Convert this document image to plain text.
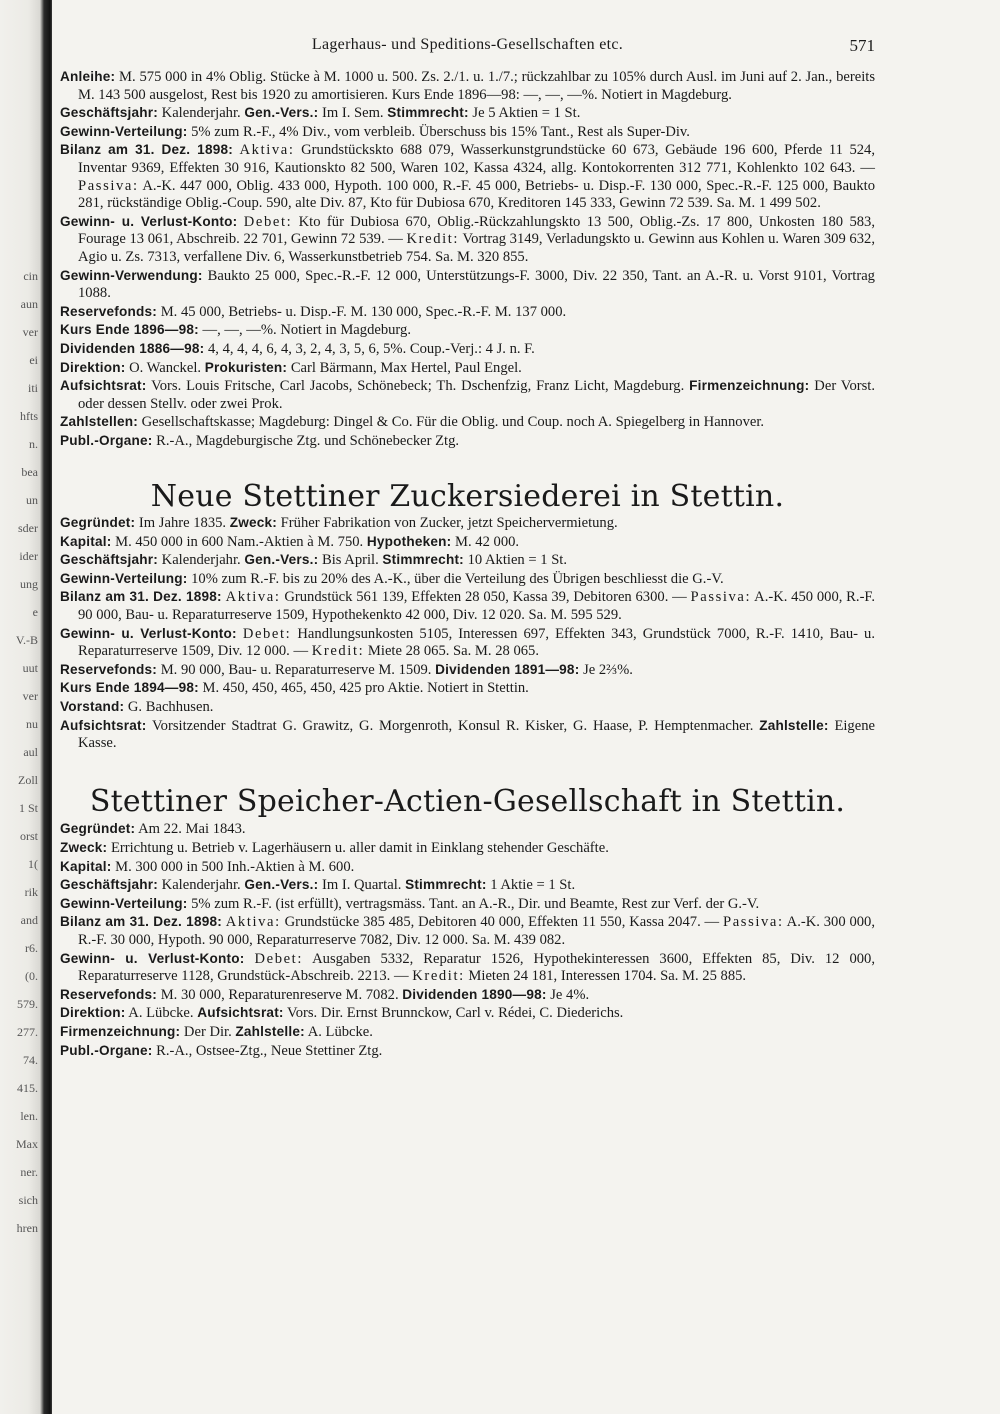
cin
aun
ver
ei
iti
hfts
n.
bea
un
sder
ider
ung
e
V.-B
uut
ver
nu
aul
Zoll
1 St
orst
1(
rik
and
r6.
(0.
579.
277.
74.
415.
len.
Max
ner.
sich
hren
Lagerhaus- und Speditions-Gesellschaften etc.	571

Anleihe: M. 575 000 in 4% Oblig. Stücke à M. 1000 u. 500. Zs. 2./1. u. 1./7.; rückzahlbar zu 105% durch Ausl. im Juni auf 2. Jan., bereits M. 143 500 ausgelost, Rest bis 1920 zu amortisieren. Kurs Ende 1896—98: —, —, —%. Notiert in Magdeburg.

Geschäftsjahr: Kalenderjahr. Gen.-Vers.: Im I. Sem. Stimmrecht: Je 5 Aktien = 1 St.

Gewinn-Verteilung: 5% zum R.-F., 4% Div., vom verbleib. Überschuss bis 15% Tant., Rest als Super-Div.

Bilanz am 31. Dez. 1898: Aktiva: Grundstückskto 688 079, Wasserkunstgrundstücke 60 673, Gebäude 196 600, Pferde 11 524, Inventar 9369, Effekten 30 916, Kautionskto 82 500, Waren 102, Kassa 4324, allg. Kontokorrenten 312 771, Kohlenkto 102 643. — Passiva: A.-K. 447 000, Oblig. 433 000, Hypoth. 100 000, R.-F. 45 000, Betriebs- u. Disp.-F. 130 000, Spec.-R.-F. 125 000, Baukto 281, rückständige Oblig.-Coup. 590, alte Div. 87, Kto für Dubiosa 670, Kreditoren 145 333, Gewinn 72 539. Sa. M. 1 499 502.

Gewinn- u. Verlust-Konto: Debet: Kto für Dubiosa 670, Oblig.-Rückzahlungskto 13 500, Oblig.-Zs. 17 800, Unkosten 180 583, Fourage 13 061, Abschreib. 22 701, Gewinn 72 539. — Kredit: Vortrag 3149, Verladungskto u. Gewinn aus Kohlen u. Waren 309 632, Agio u. Zs. 7313, verfallene Div. 6, Wasserkunstbetrieb 754. Sa. M. 320 855.

Gewinn-Verwendung: Baukto 25 000, Spec.-R.-F. 12 000, Unterstützungs-F. 3000, Div. 22 350, Tant. an A.-R. u. Vorst 9101, Vortrag 1088.

Reservefonds: M. 45 000, Betriebs- u. Disp.-F. M. 130 000, Spec.-R.-F. M. 137 000.

Kurs Ende 1896—98: —, —, —%. Notiert in Magdeburg.

Dividenden 1886—98: 4, 4, 4, 4, 6, 4, 3, 2, 4, 3, 5, 6, 5%. Coup.-Verj.: 4 J. n. F.

Direktion: O. Wanckel. Prokuristen: Carl Bärmann, Max Hertel, Paul Engel.

Aufsichtsrat: Vors. Louis Fritsche, Carl Jacobs, Schönebeck; Th. Dschenfzig, Franz Licht, Magdeburg. Firmenzeichnung: Der Vorst. oder dessen Stellv. oder zwei Prok.

Zahlstellen: Gesellschaftskasse; Magdeburg: Dingel & Co. Für die Oblig. und Coup. noch A. Spiegelberg in Hannover.

Publ.-Organe: R.-A., Magdeburgische Ztg. und Schönebecker Ztg.

Neue Stettiner Zuckersiederei in Stettin.

Gegründet: Im Jahre 1835. Zweck: Früher Fabrikation von Zucker, jetzt Speichervermietung.

Kapital: M. 450 000 in 600 Nam.-Aktien à M. 750. Hypotheken: M. 42 000.

Geschäftsjahr: Kalenderjahr. Gen.-Vers.: Bis April. Stimmrecht: 10 Aktien = 1 St.

Gewinn-Verteilung: 10% zum R.-F. bis zu 20% des A.-K., über die Verteilung des Übrigen beschliesst die G.-V.

Bilanz am 31. Dez. 1898: Aktiva: Grundstück 561 139, Effekten 28 050, Kassa 39, Debitoren 6300. — Passiva: A.-K. 450 000, R.-F. 90 000, Bau- u. Reparaturreserve 1509, Hypothekenkto 42 000, Div. 12 020. Sa. M. 595 529.

Gewinn- u. Verlust-Konto: Debet: Handlungsunkosten 5105, Interessen 697, Effekten 343, Grundstück 7000, R.-F. 1410, Bau- u. Reparaturreserve 1509, Div. 12 000. — Kredit: Miete 28 065. Sa. M. 28 065.

Reservefonds: M. 90 000, Bau- u. Reparaturreserve M. 1509. Dividenden 1891—98: Je 2⅔%.

Kurs Ende 1894—98: M. 450, 450, 465, 450, 425 pro Aktie. Notiert in Stettin.

Vorstand: G. Bachhusen.

Aufsichtsrat: Vorsitzender Stadtrat G. Grawitz, G. Morgenroth, Konsul R. Kisker, G. Haase, P. Hemptenmacher. Zahlstelle: Eigene Kasse.

Stettiner Speicher-Actien-Gesellschaft in Stettin.

Gegründet: Am 22. Mai 1843.

Zweck: Errichtung u. Betrieb v. Lagerhäusern u. aller damit in Einklang stehender Geschäfte.

Kapital: M. 300 000 in 500 Inh.-Aktien à M. 600.

Geschäftsjahr: Kalenderjahr. Gen.-Vers.: Im I. Quartal. Stimmrecht: 1 Aktie = 1 St.

Gewinn-Verteilung: 5% zum R.-F. (ist erfüllt), vertragsmäss. Tant. an A.-R., Dir. und Beamte, Rest zur Verf. der G.-V.

Bilanz am 31. Dez. 1898: Aktiva: Grundstücke 385 485, Debitoren 40 000, Effekten 11 550, Kassa 2047. — Passiva: A.-K. 300 000, R.-F. 30 000, Hypoth. 90 000, Reparaturreserve 7082, Div. 12 000. Sa. M. 439 082.

Gewinn- u. Verlust-Konto: Debet: Ausgaben 5332, Reparatur 1526, Hypothekinteressen 3600, Effekten 85, Div. 12 000, Reparaturreserve 1128, Grundstück-Abschreib. 2213. — Kredit: Mieten 24 181, Interessen 1704. Sa. M. 25 885.

Reservefonds: M. 30 000, Reparaturenreserve M. 7082. Dividenden 1890—98: Je 4%.

Direktion: A. Lübcke. Aufsichtsrat: Vors. Dir. Ernst Brunnckow, Carl v. Rédei, C. Diederichs.

Firmenzeichnung: Der Dir. Zahlstelle: A. Lübcke.

Publ.-Organe: R.-A., Ostsee-Ztg., Neue Stettiner Ztg.
